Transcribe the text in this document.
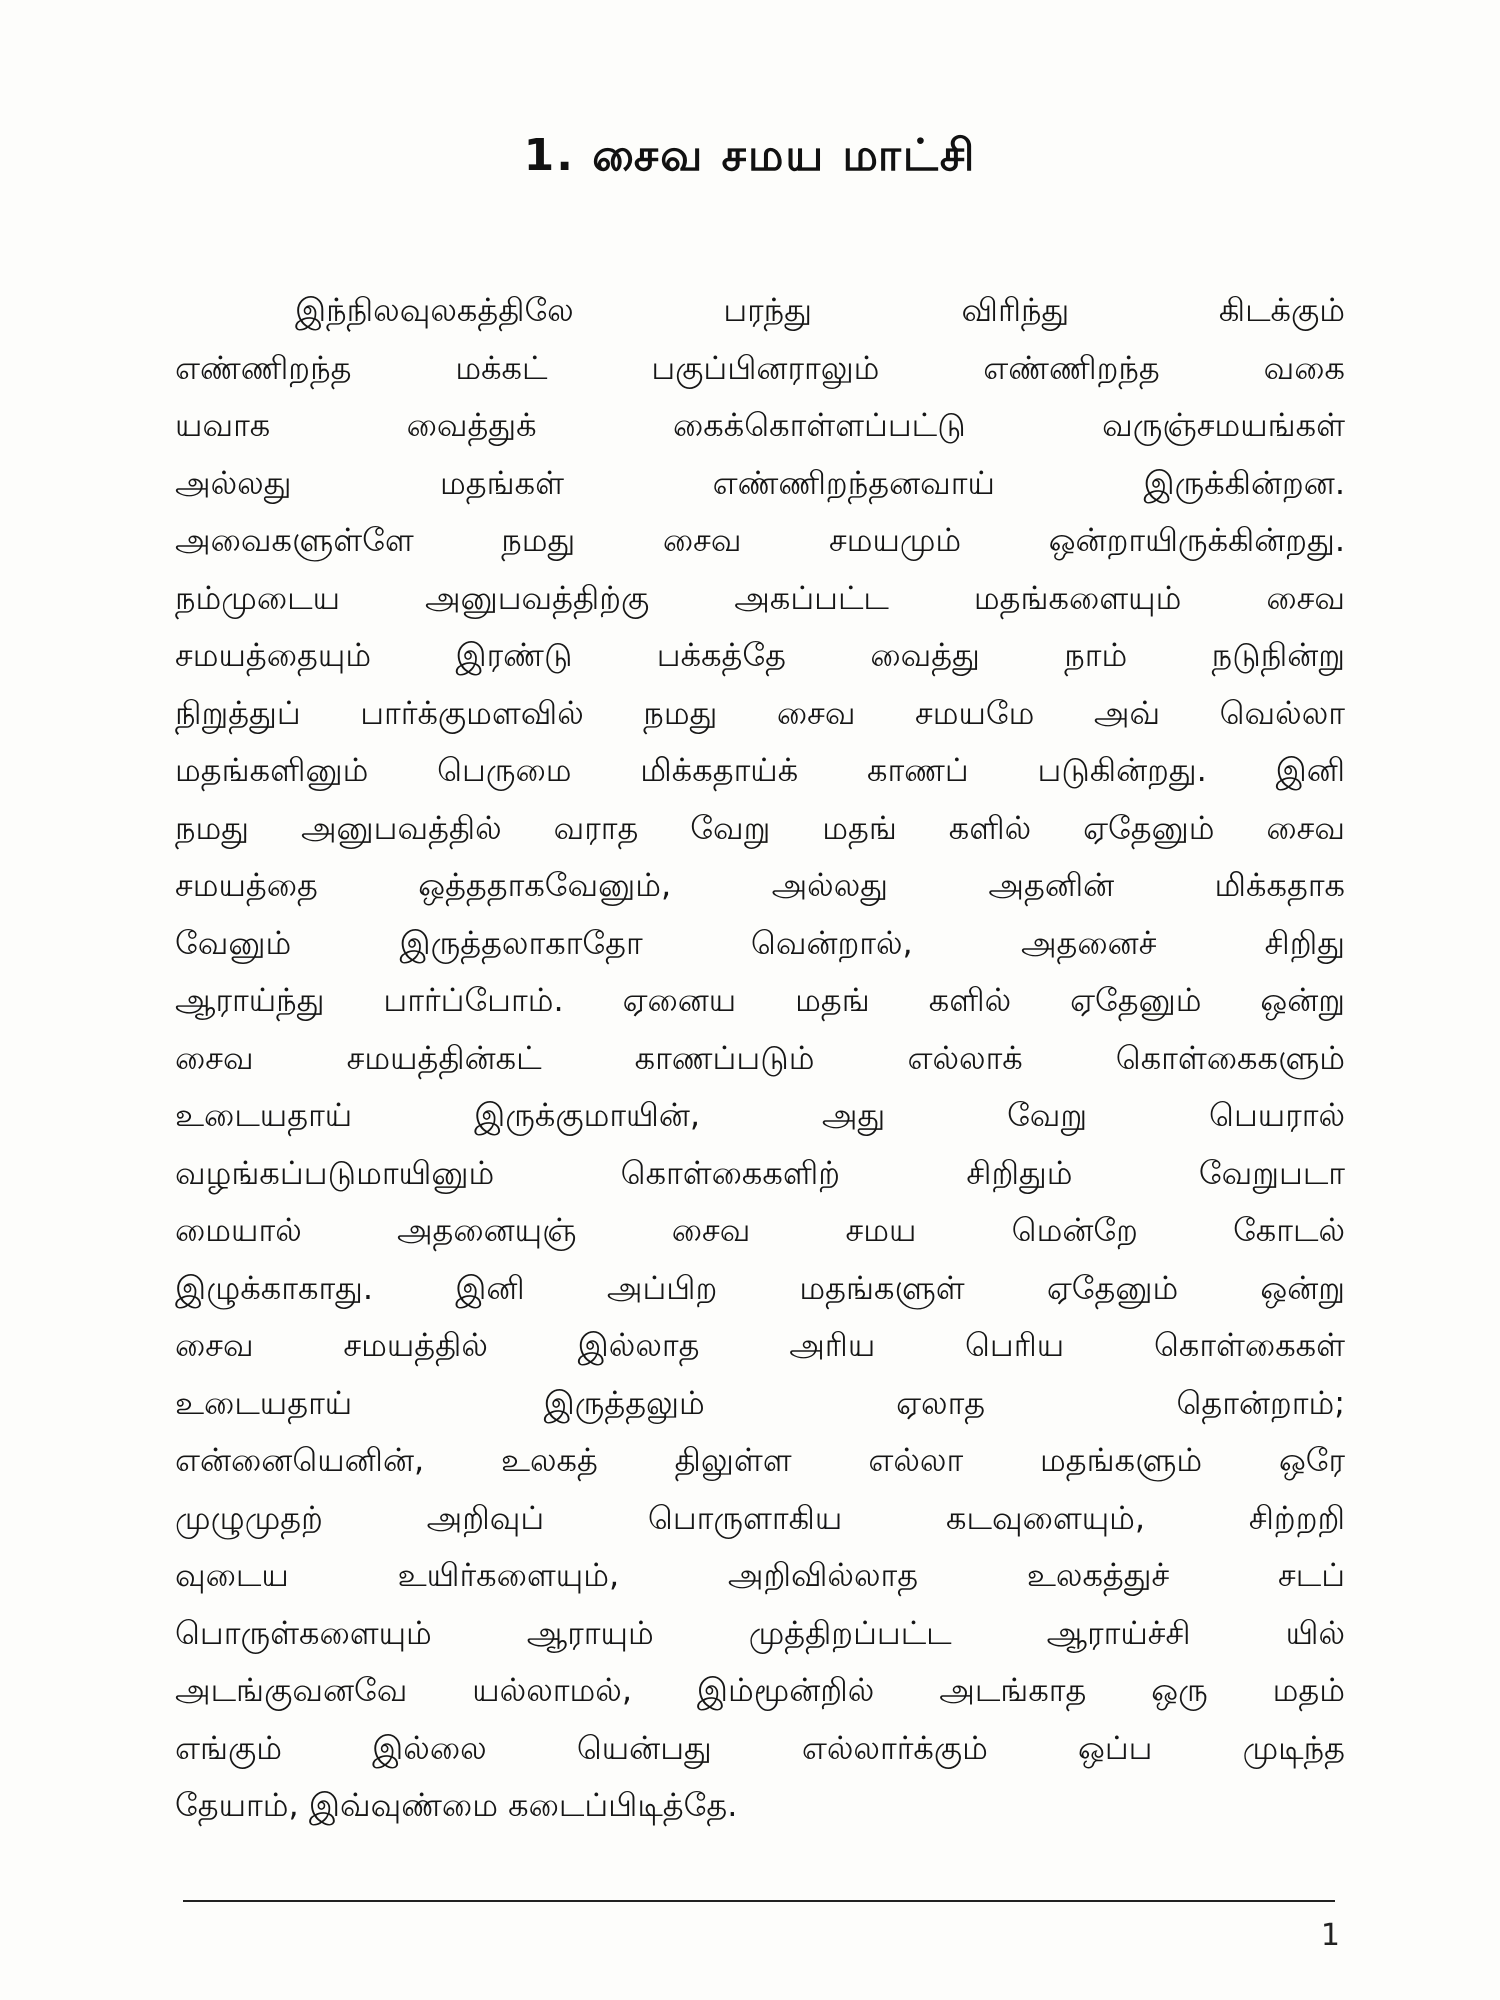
1. சைவ சமய மாட்சி
இந்நிலவுலகத்திலே பரந்து விரிந்து கிடக்கும்
எண்ணிறந்த மக்கட் பகுப்பினராலும் எண்ணிறந்த வகை
யவாக வைத்துக் கைக்கொள்ளப்பட்டு வருஞ்சமயங்கள்
அல்லது மதங்கள் எண்ணிறந்தனவாய் இருக்கின்றன.
அவைகளுள்ளே நமது சைவ சமயமும் ஒன்றாயிருக்கின்றது.
நம்முடைய அனுபவத்திற்கு அகப்பட்ட மதங்களையும் சைவ
சமயத்தையும் இரண்டு பக்கத்தே வைத்து நாம் நடுநின்று
நிறுத்துப் பார்க்குமளவில் நமது சைவ சமயமே அவ் வெல்லா
மதங்களினும் பெருமை மிக்கதாய்க் காணப் படுகின்றது. இனி
நமது அனுபவத்தில் வராத வேறு மதங் களில் ஏதேனும் சைவ
சமயத்தை ஒத்ததாகவேனும், அல்லது அதனின் மிக்கதாக
வேனும் இருத்தலாகாதோ வென்றால், அதனைச் சிறிது
ஆராய்ந்து பார்ப்போம். ஏனைய மதங் களில் ஏதேனும் ஒன்று
சைவ சமயத்தின்கட் காணப்படும் எல்லாக் கொள்கைகளும்
உடையதாய் இருக்குமாயின், அது வேறு பெயரால்
வழங்கப்படுமாயினும் கொள்கைகளிற் சிறிதும் வேறுபடா
மையால் அதனையுஞ் சைவ சமய மென்றே கோடல்
இழுக்காகாது. இனி அப்பிற மதங்களுள் ஏதேனும் ஒன்று
சைவ சமயத்தில் இல்லாத அரிய பெரிய கொள்கைகள்
உடையதாய் இருத்தலும் ஏலாத தொன்றாம்;
என்னையெனின், உலகத் திலுள்ள எல்லா மதங்களும் ஒரே
முழுமுதற் அறிவுப் பொருளாகிய கடவுளையும், சிற்றறி
வுடைய உயிர்களையும், அறிவில்லாத உலகத்துச் சடப்
பொருள்களையும் ஆராயும் முத்திறப்பட்ட ஆராய்ச்சி யில்
அடங்குவனவே யல்லாமல், இம்மூன்றில் அடங்காத ஒரு மதம்
எங்கும் இல்லை யென்பது எல்லார்க்கும் ஒப்ப முடிந்த
தேயாம், இவ்வுண்மை கடைப்பிடித்தே.
1
